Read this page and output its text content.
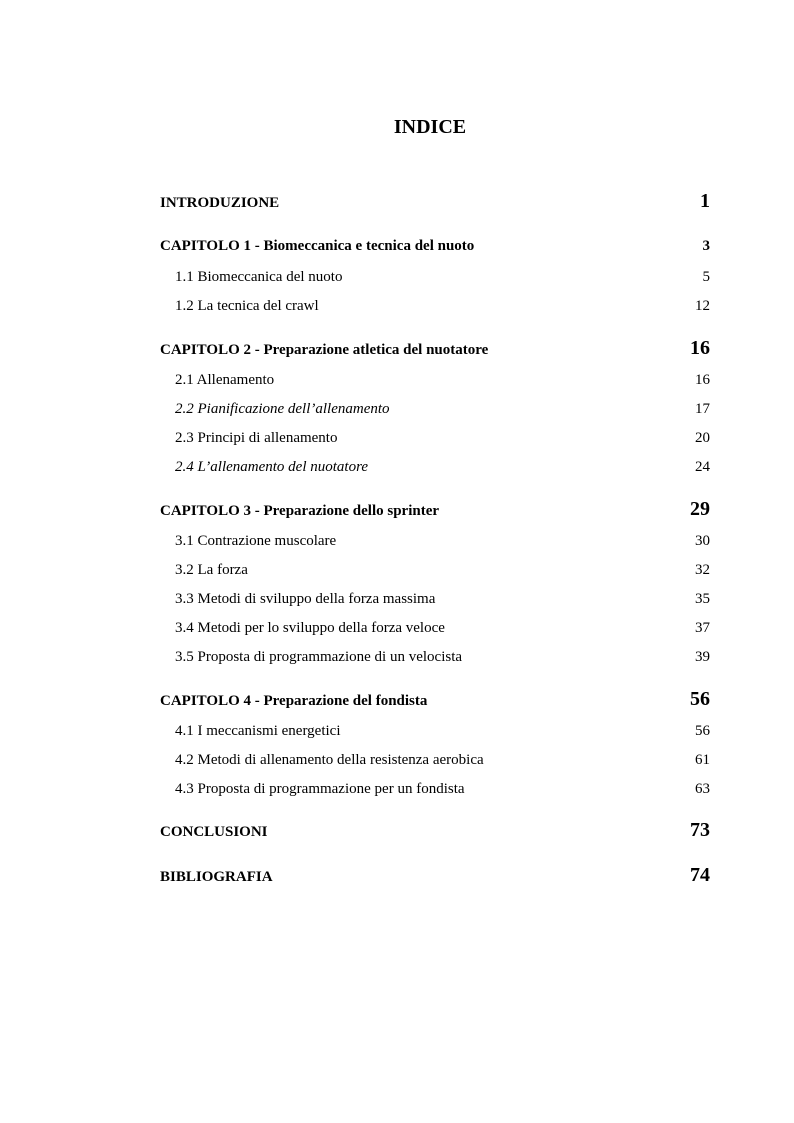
INDICE
INTRODUZIONE	1
CAPITOLO 1 - Biomeccanica e tecnica del nuoto	3
1.1 Biomeccanica del nuoto	5
1.2 La tecnica del crawl	12
CAPITOLO 2 - Preparazione atletica del nuotatore	16
2.1 Allenamento	16
2.2 Pianificazione dell’allenamento	17
2.3 Principi di allenamento	20
2.4 L’allenamento del nuotatore	24
CAPITOLO 3 - Preparazione dello sprinter	29
3.1 Contrazione muscolare	30
3.2 La forza	32
3.3 Metodi di sviluppo della forza massima	35
3.4 Metodi per lo sviluppo della forza veloce	37
3.5 Proposta di programmazione di un velocista	39
CAPITOLO 4 - Preparazione del fondista	56
4.1 I meccanismi energetici	56
4.2 Metodi di allenamento della resistenza aerobica	61
4.3 Proposta di programmazione per un fondista	63
CONCLUSIONI	73
BIBLIOGRAFIA	74
